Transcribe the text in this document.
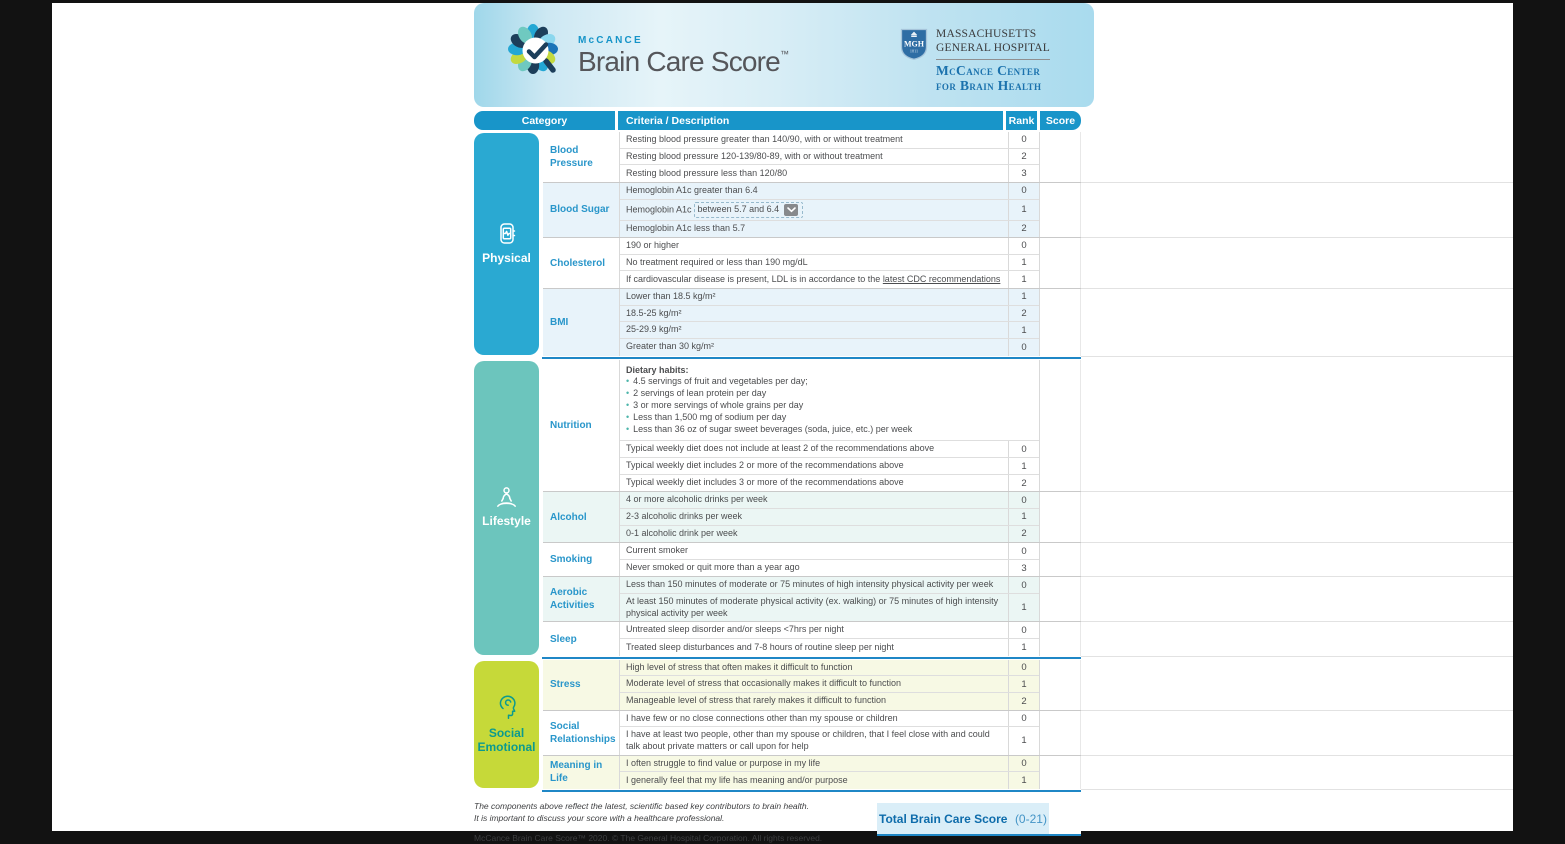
McCANCE
Brain Care Score™
MGH
1811
MASSACHUSETTS
GENERAL HOSPITAL
McCance Center
for Brain Health
Category	Criteria / Description	Rank	Score
Physical
Blood Pressure
Resting blood pressure greater than 140/90, with or without treatment	0
Resting blood pressure 120-139/80-89, with or without treatment	2
Resting blood pressure less than 120/80	3
Blood Sugar
Hemoglobin A1c greater than 6.4	0
Hemoglobin A1c between 5.7 and 6.4	1
Hemoglobin A1c less than 5.7	2
Cholesterol
190 or higher	0
No treatment required or less than 190 mg/dL	1
If cardiovascular disease is present, LDL is in accordance to the latest CDC recommendations	1
BMI
Lower than 18.5 kg/m²	1
18.5-25 kg/m²	2
25-29.9 kg/m²	1
Greater than 30 kg/m²	0
Lifestyle
Nutrition
Dietary habits:
• 4.5 servings of fruit and vegetables per day;
• 2 servings of lean protein per day
• 3 or more servings of whole grains per day
• Less than 1,500 mg of sodium per day
• Less than 36 oz of sugar sweet beverages (soda, juice, etc.) per week
Typical weekly diet does not include at least 2 of the recommendations above	0
Typical weekly diet includes 2 or more of the recommendations above	1
Typical weekly diet includes 3 or more of the recommendations above	2
Alcohol
4 or more alcoholic drinks per week	0
2-3 alcoholic drinks per week	1
0-1 alcoholic drink per week	2
Smoking
Current smoker	0
Never smoked or quit more than a year ago	3
Aerobic Activities
Less than 150 minutes of moderate or 75 minutes of high intensity physical activity per week	0
At least 150 minutes of moderate physical activity (ex. walking) or 75 minutes of high intensity physical activity per week	1
Sleep
Untreated sleep disorder and/or sleeps <7hrs per night	0
Treated sleep disturbances and 7-8 hours of routine sleep per night	1
Social Emotional
Stress
High level of stress that often makes it difficult to function	0
Moderate level of stress that occasionally makes it difficult to function	1
Manageable level of stress that rarely makes it difficult to function	2
Social Relationships
I have few or no close connections other than my spouse or children	0
I have at least two people, other than my spouse or children, that I feel close with and could talk about private matters or call upon for help	1
Meaning in Life
I often struggle to find value or purpose in my life	0
I generally feel that my life has meaning and/or purpose	1
The components above reflect the latest, scientific based key contributors to brain health.
It is important to discuss your score with a healthcare professional.
McCance Brain Care Score™ 2020. © The General Hospital Corporation. All rights reserved.
Total Brain Care Score (0-21)
